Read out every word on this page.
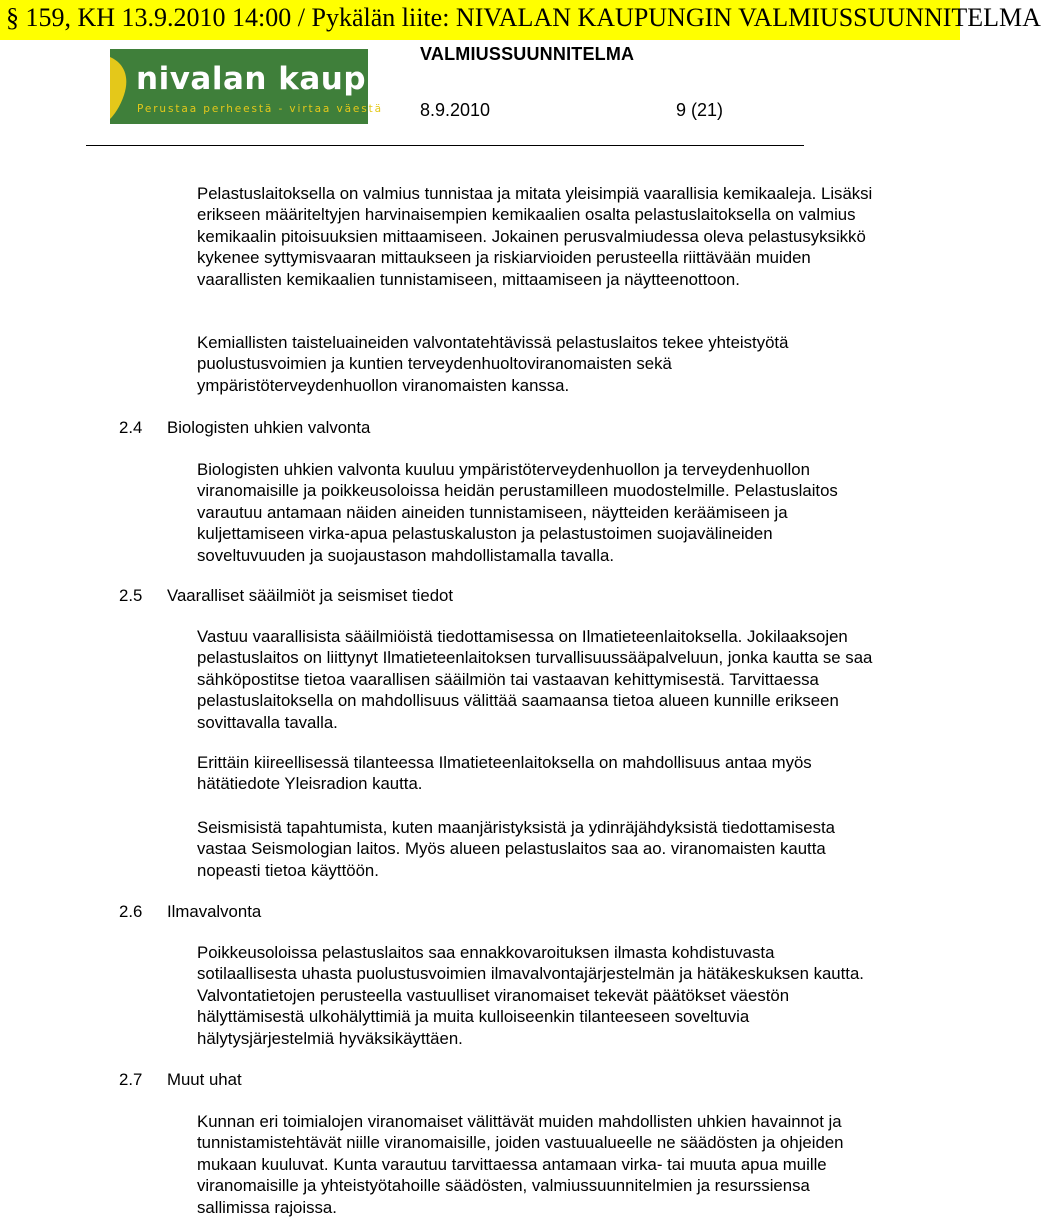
§ 159, KH 13.9.2010 14:00 / Pykälän liite: NIVALAN KAUPUNGIN VALMIUSSUUNNITELMA
nivalan kaupunki
Perustaa perheestä - virtaa väestä
VALMIUSSUUNNITELMA
8.9.2010	9 (21)

Pelastuslaitoksella on valmius tunnistaa ja mitata yleisimpiä vaarallisia kemikaaleja. Lisäksi erikseen määriteltyjen harvinaisempien kemikaalien osalta pelastuslaitoksella on valmius kemikaalin pitoisuuksien mittaamiseen. Jokainen perusvalmiudessa oleva pelastusyksikkö kykenee syttymisvaaran mittaukseen ja riskiarvioiden perusteella riittävään muiden vaarallisten kemikaalien tunnistamiseen, mittaamiseen ja näytteenottoon.

Kemiallisten taisteluaineiden valvontatehtävissä pelastuslaitos tekee yhteistyötä puolustusvoimien ja kuntien terveydenhuoltoviranomaisten sekä ympäristöterveydenhuollon viranomaisten kanssa.

2.4 Biologisten uhkien valvonta

Biologisten uhkien valvonta kuuluu ympäristöterveydenhuollon ja terveydenhuollon viranomaisille ja poikkeusoloissa heidän perustamilleen muodostelmille. Pelastuslaitos varautuu antamaan näiden aineiden tunnistamiseen, näytteiden keräämiseen ja kuljettamiseen virka-apua pelastuskaluston ja pelastustoimen suojavälineiden soveltuvuuden ja suojaustason mahdollistamalla tavalla.

2.5 Vaaralliset sääilmiöt ja seismiset tiedot

Vastuu vaarallisista sääilmiöistä tiedottamisessa on Ilmatieteenlaitoksella. Jokilaaksojen pelastuslaitos on liittynyt Ilmatieteenlaitoksen turvallisuussääpalveluun, jonka kautta se saa sähköpostitse tietoa vaarallisen sääilmiön tai vastaavan kehittymisestä. Tarvittaessa pelastuslaitoksella on mahdollisuus välittää saamaansa tietoa alueen kunnille erikseen sovittavalla tavalla.

Erittäin kiireellisessä tilanteessa Ilmatieteenlaitoksella on mahdollisuus antaa myös hätätiedote Yleisradion kautta.

Seismisistä tapahtumista, kuten maanjäristyksistä ja ydinräjähdyksistä tiedottamisesta vastaa Seismologian laitos. Myös alueen pelastuslaitos saa ao. viranomaisten kautta nopeasti tietoa käyttöön.

2.6 Ilmavalvonta

Poikkeusoloissa pelastuslaitos saa ennakkovaroituksen ilmasta kohdistuvasta sotilaallisesta uhasta puolustusvoimien ilmavalvontajärjestelmän ja hätäkeskuksen kautta. Valvontatietojen perusteella vastuulliset viranomaiset tekevät päätökset väestön hälyttämisestä ulkohälyttimiä ja muita kulloiseenkin tilanteeseen soveltuvia hälytysjärjestelmiä hyväksikäyttäen.

2.7 Muut uhat

Kunnan eri toimialojen viranomaiset välittävät muiden mahdollisten uhkien havainnot ja tunnistamistehtävät niille viranomaisille, joiden vastuualueelle ne säädösten ja ohjeiden mukaan kuuluvat. Kunta varautuu tarvittaessa antamaan virka- tai muuta apua muille viranomaisille ja yhteistyötahoille säädösten, valmiussuunnitelmien ja resurssiensa sallimissa rajoissa.
